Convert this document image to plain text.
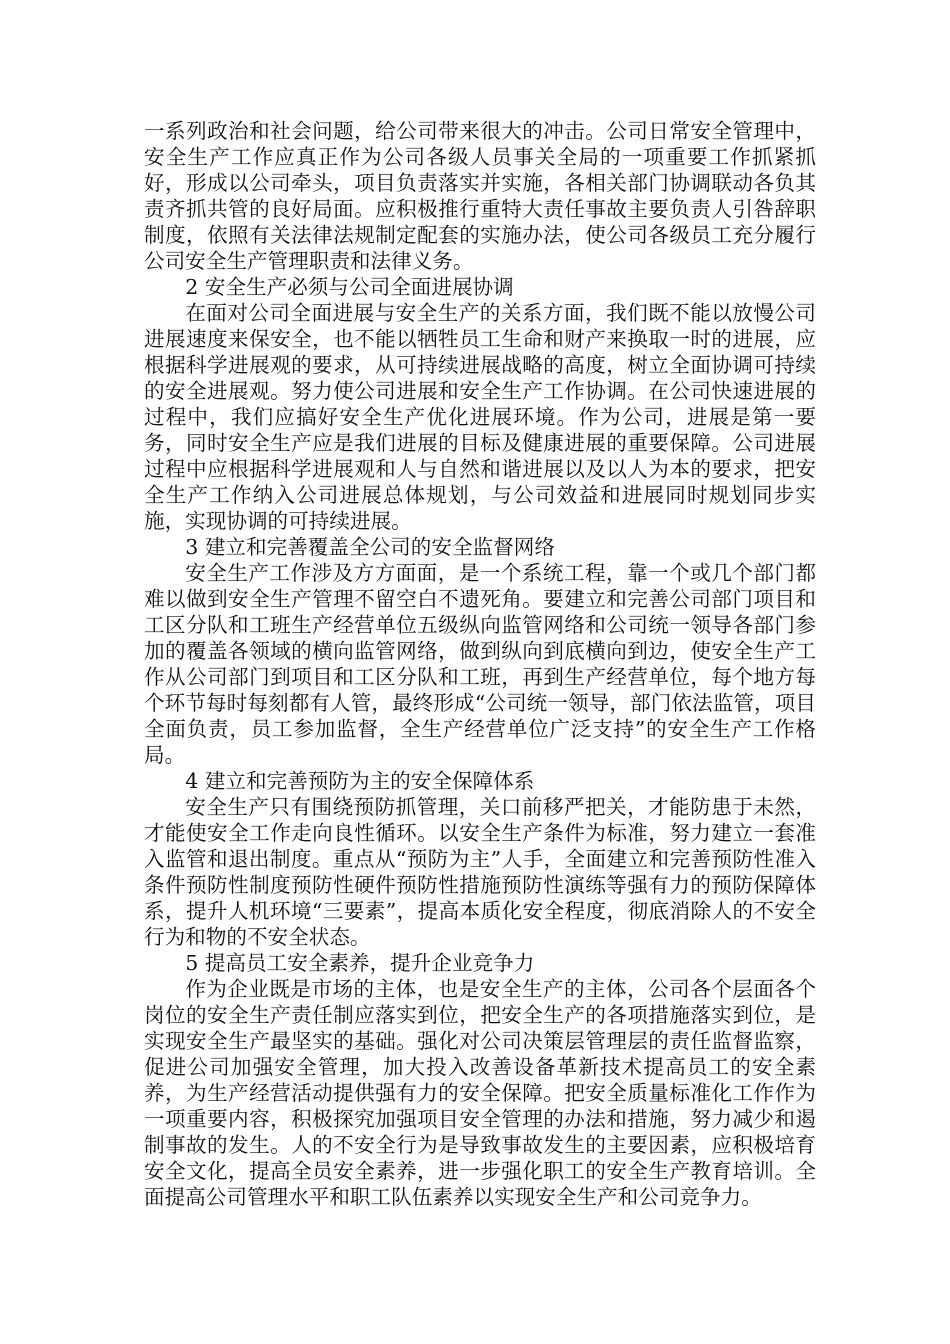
一系列政治和社会问题，给公司带来很大的冲击。公司日常安全管理中，安全生产工作应真正作为公司各级人员事关全局的一项重要工作抓紧抓好，形成以公司牵头，项目负责落实并实施，各相关部门协调联动各负其责齐抓共管的良好局面。应积极推行重特大责任事故主要负责人引咎辞职制度，依照有关法律法规制定配套的实施办法，使公司各级员工充分履行公司安全生产管理职责和法律义务。

2 安全生产必须与公司全面进展协调

在面对公司全面进展与安全生产的关系方面，我们既不能以放慢公司进展速度来保安全，也不能以牺牲员工生命和财产来换取一时的进展，应根据科学进展观的要求，从可持续进展战略的高度，树立全面协调可持续的安全进展观。努力使公司进展和安全生产工作协调。在公司快速进展的过程中，我们应搞好安全生产优化进展环境。作为公司，进展是第一要务，同时安全生产应是我们进展的目标及健康进展的重要保障。公司进展过程中应根据科学进展观和人与自然和谐进展以及以人为本的要求，把安全生产工作纳入公司进展总体规划，与公司效益和进展同时规划同步实施，实现协调的可持续进展。

3 建立和完善覆盖全公司的安全监督网络

安全生产工作涉及方方面面，是一个系统工程，靠一个或几个部门都难以做到安全生产管理不留空白不遗死角。要建立和完善公司部门项目和工区分队和工班生产经营单位五级纵向监管网络和公司统一领导各部门参加的覆盖各领域的横向监管网络，做到纵向到底横向到边，使安全生产工作从公司部门到项目和工区分队和工班，再到生产经营单位，每个地方每个环节每时每刻都有人管，最终形成“公司统一领导，部门依法监管，项目全面负责，员工参加监督，全生产经营单位广泛支持”的安全生产工作格局。

4 建立和完善预防为主的安全保障体系

安全生产只有围绕预防抓管理，关口前移严把关，才能防患于未然，才能使安全工作走向良性循环。以安全生产条件为标准，努力建立一套准入监管和退出制度。重点从“预防为主”人手，全面建立和完善预防性准入条件预防性制度预防性硬件预防性措施预防性演练等强有力的预防保障体系，提升人机环境“三要素”，提高本质化安全程度，彻底消除人的不安全行为和物的不安全状态。

5 提高员工安全素养，提升企业竞争力

作为企业既是市场的主体，也是安全生产的主体，公司各个层面各个岗位的安全生产责任制应落实到位，把安全生产的各项措施落实到位，是实现安全生产最坚实的基础。强化对公司决策层管理层的责任监督监察，促进公司加强安全管理，加大投入改善设备革新技术提高员工的安全素养，为生产经营活动提供强有力的安全保障。把安全质量标准化工作作为一项重要内容，积极探究加强项目安全管理的办法和措施，努力减少和遏制事故的发生。人的不安全行为是导致事故发生的主要因素，应积极培育安全文化，提高全员安全素养，进一步强化职工的安全生产教育培训。全面提高公司管理水平和职工队伍素养以实现安全生产和公司竞争力。
